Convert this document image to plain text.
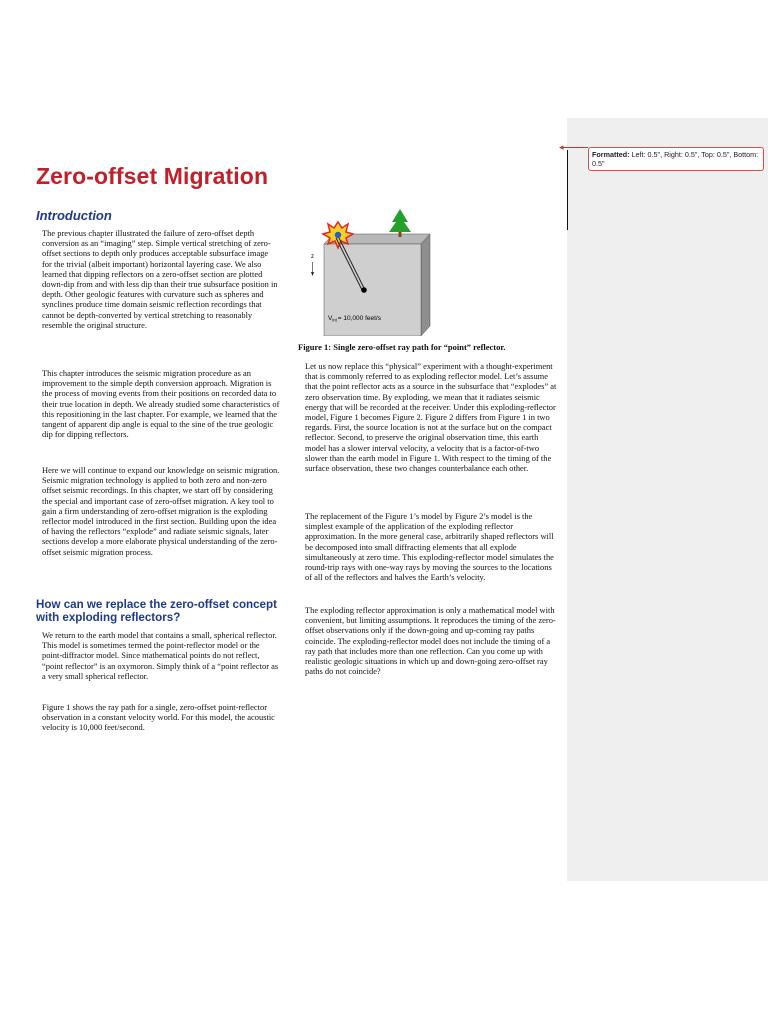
Zero-offset Migration
Introduction

The previous chapter illustrated the failure of zero-offset depth conversion as an “imaging” step. Simple vertical stretching of zero-offset sections to depth only produces acceptable subsurface image for the trivial (albeit important) horizontal layering case. We also learned that dipping reflectors on a zero-offset section are plotted down-dip from and with less dip than their true subsurface position in depth. Other geologic features with curvature such as spheres and synclines produce time domain seismic reflection recordings that cannot be depth-converted by vertical stretching to reasonably resemble the original structure.

This chapter introduces the seismic migration procedure as an improvement to the simple depth conversion approach. Migration is the process of moving events from their positions on recorded data to their true location in depth. We already studied some characteristics of this repositioning in the last chapter. For example, we learned that the tangent of apparent dip angle is equal to the sine of the true geologic dip for dipping reflectors.

Here we will continue to expand our knowledge on seismic migration. Seismic migration technology is applied to both zero and non-zero offset seismic recordings. In this chapter, we start off by considering the special and important case of zero-offset migration. A key tool to gain a firm understanding of zero-offset migration is the exploding reflector model introduced in the first section. Building upon the idea of having the reflectors “explode” and radiate seismic signals, later sections develop a more elaborate physical understanding of the zero-offset seismic migration process.

How can we replace the zero-offset concept with exploding reflectors?

We return to the earth model that contains a small, spherical reflector. This model is sometimes termed the point-reflector model or the point-diffractor model. Since mathematical points do not reflect, “point reflector” is an oxymoron. Simply think of a “point reflector as a very small spherical reflector.

Figure 1 shows the ray path for a single, zero-offset point-reflector observation in a constant velocity world. For this model, the acoustic velocity is 10,000 feet/second.

z
$V_{int}= 10,000$ feet/s
Figure 1: Single zero-offset ray path for “point” reflector.

Let us now replace this “physical” experiment with a thought-experiment that is commonly referred to as exploding reflector model. Let’s assume that the point reflector acts as a source in the subsurface that “explodes” at zero observation time. By exploding, we mean that it radiates seismic energy that will be recorded at the receiver. Under this exploding-reflector model, Figure 1 becomes Figure 2. Figure 2 differs from Figure 1 in two regards. First, the source location is not at the surface but on the compact reflector. Second, to preserve the original observation time, this earth model has a slower interval velocity, a velocity that is a factor-of-two slower than the earth model in Figure 1. With respect to the timing of the surface observation, these two changes counterbalance each other.

The replacement of the Figure 1’s model by Figure 2’s model is the simplest example of the application of the exploding reflector approximation. In the more general case, arbitrarily shaped reflectors will be decomposed into small diffracting elements that all explode simultaneously at zero time. This exploding-reflector model simulates the round-trip rays with one-way rays by moving the sources to the locations of all of the reflectors and halves the Earth’s velocity.

The exploding reflector approximation is only a mathematical model with convenient, but limiting assumptions. It reproduces the timing of the zero-offset observations only if the down-going and up-coming ray paths coincide. The exploding-reflector model does not include the timing of a ray path that includes more than one reflection. Can you come up with realistic geologic situations in which up and down-going zero-offset ray paths do not coincide?

◂
Formatted: Left: 0.5", Right: 0.5", Top: 0.5", Bottom: 0.5"
